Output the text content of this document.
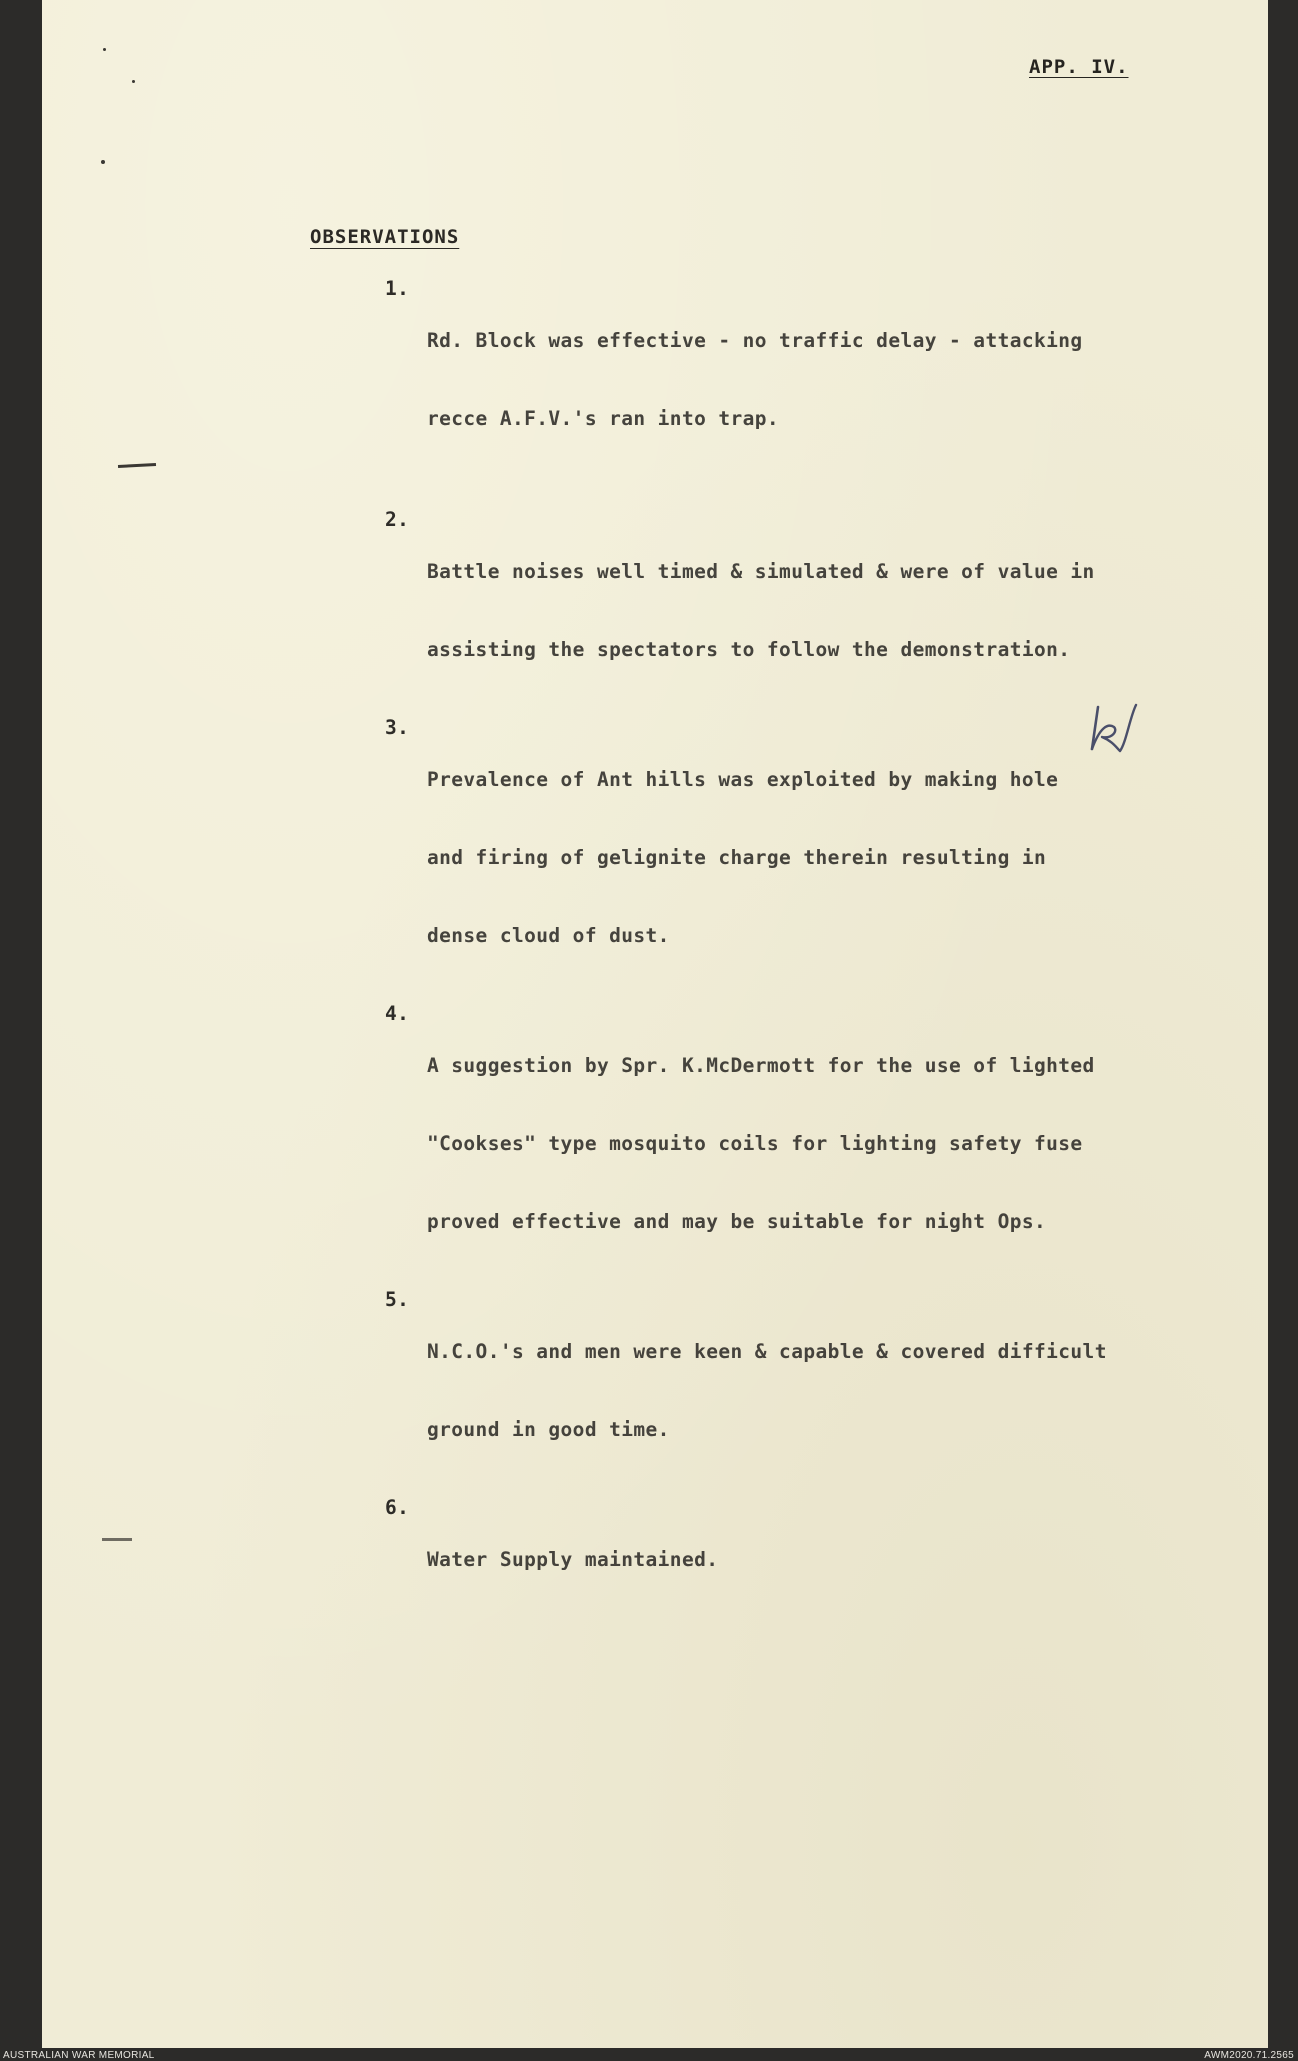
APP. IV.
OBSERVATIONS
1.

Rd. Block was effective - no traffic delay - attacking

recce A.F.V.'s ran into trap.

2.

Battle noises well timed & simulated & were of value in

assisting the spectators to follow the demonstration.

3.

Prevalence of Ant hills was exploited by making hole

and firing of gelignite charge therein resulting in

dense cloud of dust.

4.

A suggestion by Spr. K.McDermott for the use of lighted

"Cookses" type mosquito coils for lighting safety fuse

proved effective and may be suitable for night Ops.

5.

N.C.O.'s and men were keen & capable & covered difficult

ground in good time.

6.

Water Supply maintained.

AUSTRALIAN WAR MEMORIAL	AWM2020.71.2565
